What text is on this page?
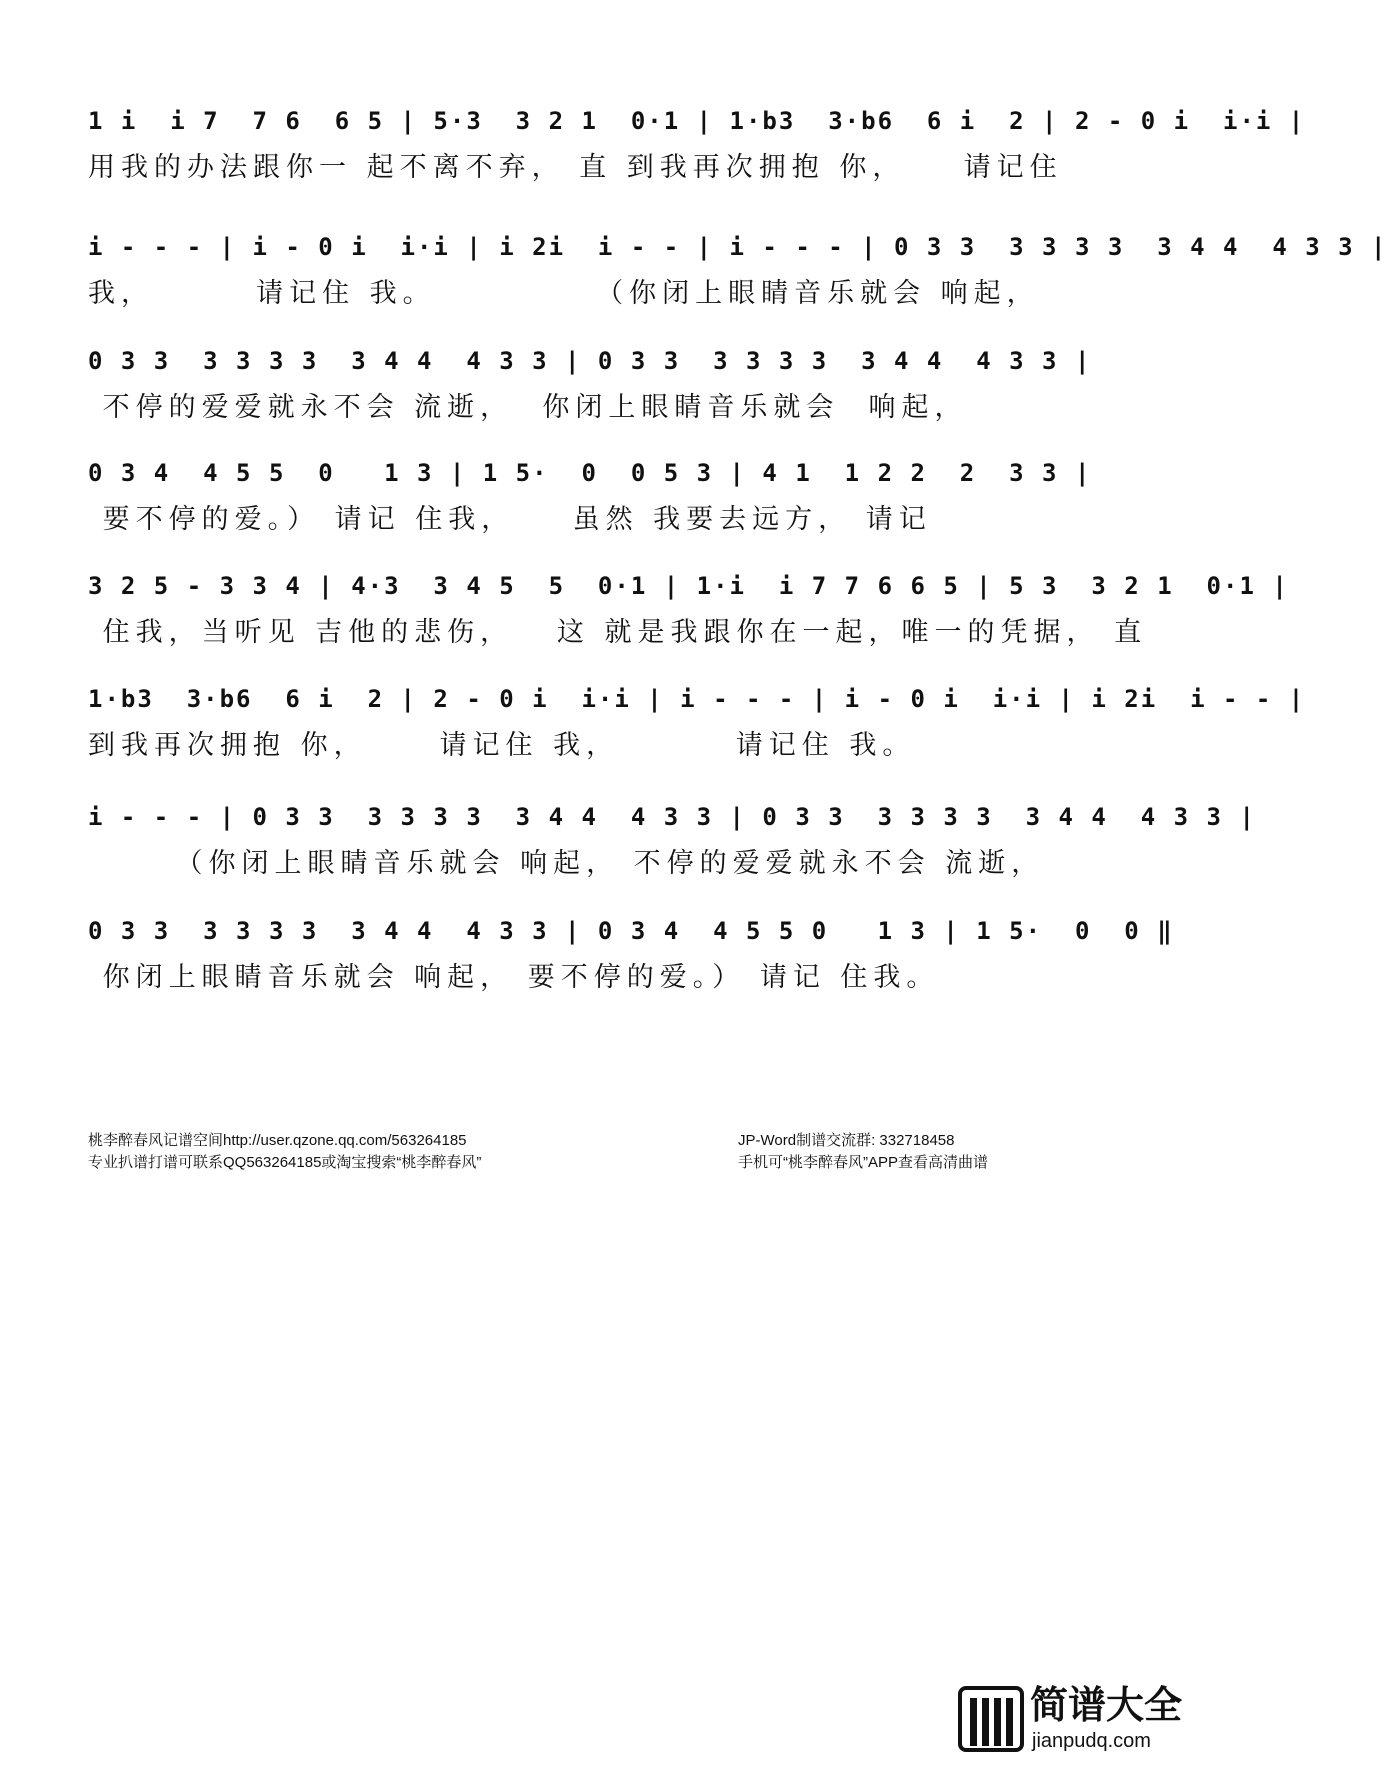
1 i  i 7  7 6  6 5 | 5·3  3 2 1  0·1 | 1·b3  3·b6  6 i  2 | 2 - 0 i  i·i |
用我的办法跟你一 起不离不弃， 直 到我再次拥抱 你，    请记住
i - - - | i - 0 i  i·i | i 2i  i - - | i - - - | 0 3 3  3 3 3 3  3 4 4  4 3 3 |
我，       请记住 我。           （你闭上眼睛音乐就会 响起，
0 3 3  3 3 3 3  3 4 4  4 3 3 | 0 3 3  3 3 3 3  3 4 4  4 3 3 |
不停的爱爱就永不会 流逝，  你闭上眼睛音乐就会  响起，
0 3 4  4 5 5  0   1 3 | 1 5·  0  0 5 3 | 4 1  1 2 2  2  3 3 |
要不停的爱。） 请记 住我，    虽然 我要去远方， 请记
3 2 5 - 3 3 4 | 4·3  3 4 5  5  0·1 | 1·i  i 7 7 6 6 5 | 5 3  3 2 1  0·1 |
住我，当听见 吉他的悲伤，   这 就是我跟你在一起，唯一的凭据， 直
1·b3  3·b6  6 i  2 | 2 - 0 i  i·i | i - - - | i - 0 i  i·i | i 2i  i - - |
到我再次拥抱 你，     请记住 我，        请记住 我。
i - - - | 0 3 3  3 3 3 3  3 4 4  4 3 3 | 0 3 3  3 3 3 3  3 4 4  4 3 3 |
（你闭上眼睛音乐就会 响起， 不停的爱爱就永不会 流逝，
0 3 3  3 3 3 3  3 4 4  4 3 3 | 0 3 4  4 5 5 0   1 3 | 1 5·  0  0 ‖
你闭上眼睛音乐就会 响起， 要不停的爱。） 请记 住我。
桃李醉春风记谱空间http://user.qzone.qq.com/563264185
专业扒谱打谱可联系QQ563264185或淘宝搜索“桃李醉春风”
JP-Word制谱交流群: 332718458
手机可“桃李醉春风”APP查看高清曲谱
简谱大全
jianpudq.com
